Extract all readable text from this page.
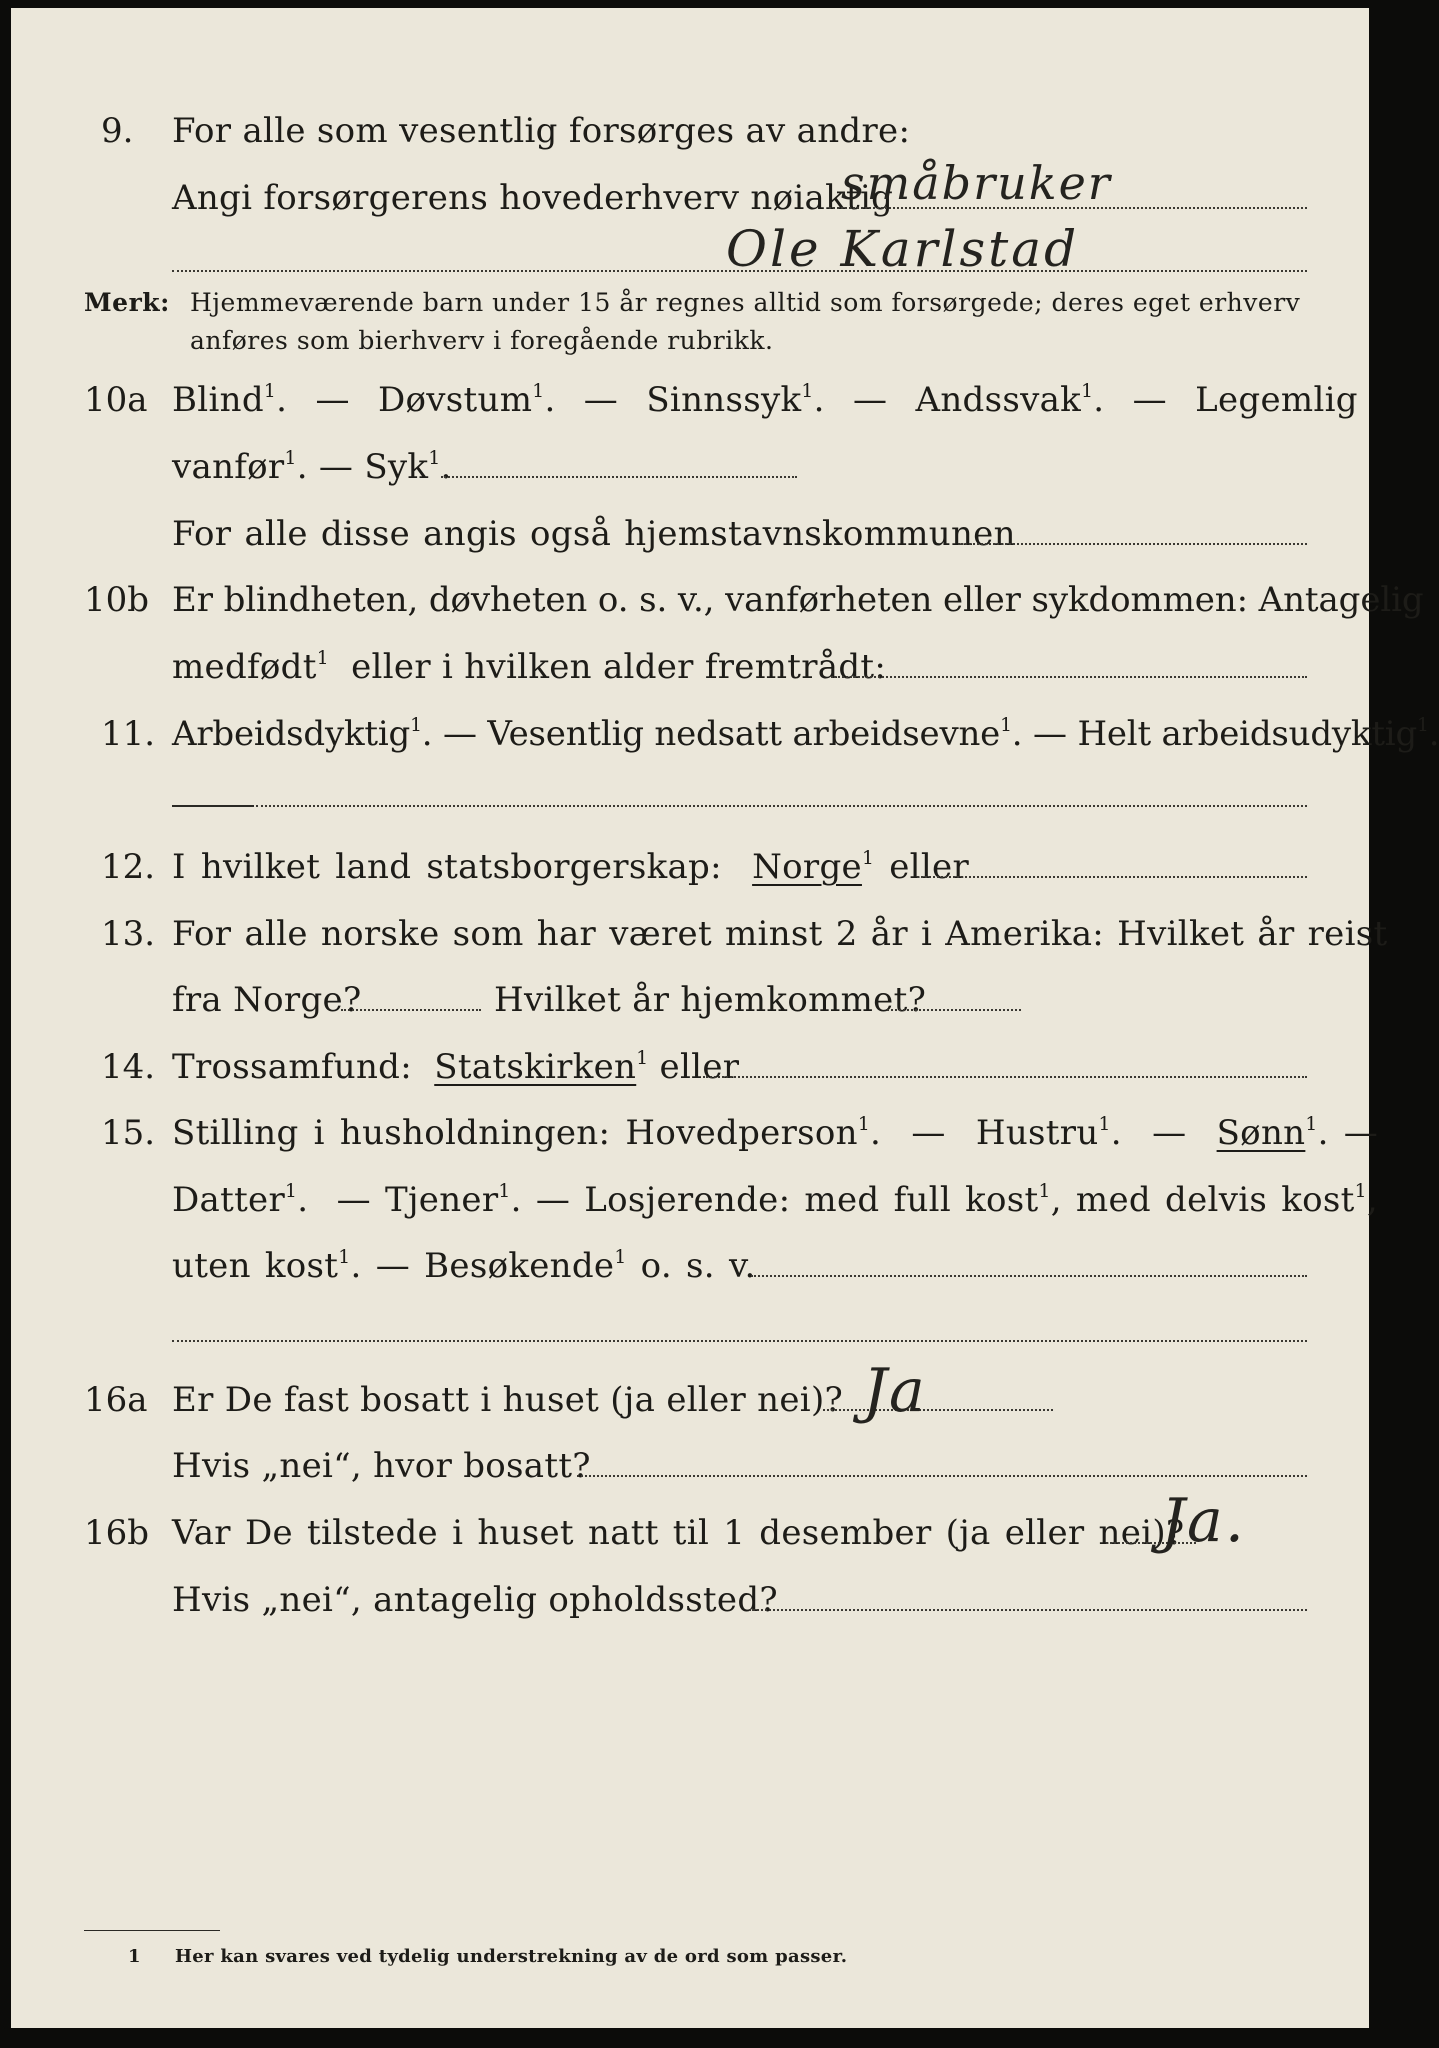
9. For alle som vesentlig forsørges av andre:
Angi forsørgerens hovederhverv nøiaktig
småbruker
Ole Karlstad
Merk: Hjemmeværende barn under 15 år regnes alltid som forsørgede; deres eget erhverv
anføres som bierhverv i foregående rubrikk.
10a Blind$^1$. — Døvstum$^1$. — Sinnssyk$^1$. — Andssvak$^1$. — Legemlig
vanfør$^1$. — Syk$^1$.
For alle disse angis også hjemstavnskommunen
10b Er blindheten, døvheten o. s. v., vanførheten eller sykdommen: Antagelig
medfødt$^1$ eller i hvilken alder fremtrådt:
11. Arbeidsdyktig$^1$. — Vesentlig nedsatt arbeidsevne$^1$. — Helt arbeidsudyktig$^1$.
12. I hvilket land statsborgerskap: Norge$^1$ eller
13. For alle norske som har været minst 2 år i Amerika: Hvilket år reist
fra Norge?	Hvilket år hjemkommet?
14. Trossamfund: Statskirken$^1$ eller
15. Stilling i husholdningen: Hovedperson$^1$. — Hustru$^1$. — Sønn$^1$. —
Datter$^1$. — Tjener$^1$. — Losjerende: med full kost$^1$, med delvis kost$^1$,
uten kost$^1$. — Besøkende$^1$ o. s. v.
16a Er De fast bosatt i huset (ja eller nei)? Ja
Hvis „nei“, hvor bosatt?
16b Var De tilstede i huset natt til 1 desember (ja eller nei)?
Ja.
Hvis „nei“, antagelig opholdssted?
1 Her kan svares ved tydelig understrekning av de ord som passer.
